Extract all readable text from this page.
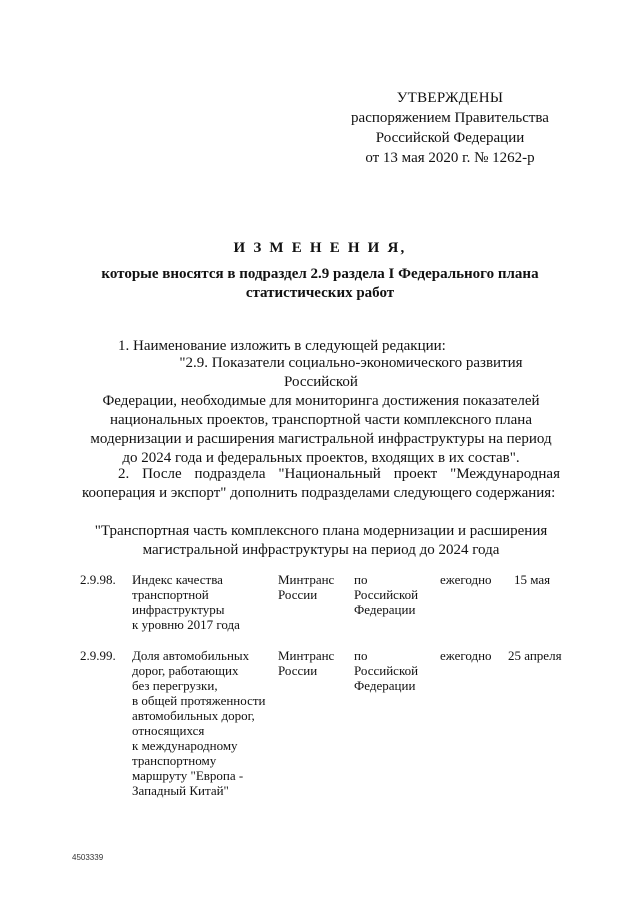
УТВЕРЖДЕНЫ
распоряжением Правительства
Российской Федерации
от 13 мая 2020 г. № 1262-р
И З М Е Н Е Н И Я,
которые вносятся в подраздел 2.9 раздела I Федерального плана
статистических работ
1. Наименование изложить в следующей редакции:
"2.9. Показатели социально-экономического развития Российской
Федерации, необходимые для мониторинга достижения показателей
национальных проектов, транспортной части комплексного плана
модернизации и расширения магистральной инфраструктуры на период
до 2024 года и федеральных проектов, входящих в их состав".
2. После подраздела "Национальный проект "Международная
кооперация и экспорт" дополнить подразделами следующего содержания:
"Транспортная часть комплексного плана модернизации и расширения
магистральной инфраструктуры на период до 2024 года
2.9.98. Индекс качества
транспортной
инфраструктуры
к уровню 2017 года
Минтранс
России
по
Российской
Федерации
ежегодно 15 мая
2.9.99. Доля автомобильных
дорог, работающих
без перегрузки,
в общей протяженности
автомобильных дорог,
относящихся
к международному
транспортному
маршруту "Европа -
Западный Китай"
Минтранс
России
по
Российской
Федерации
ежегодно 25 апреля
4503339
